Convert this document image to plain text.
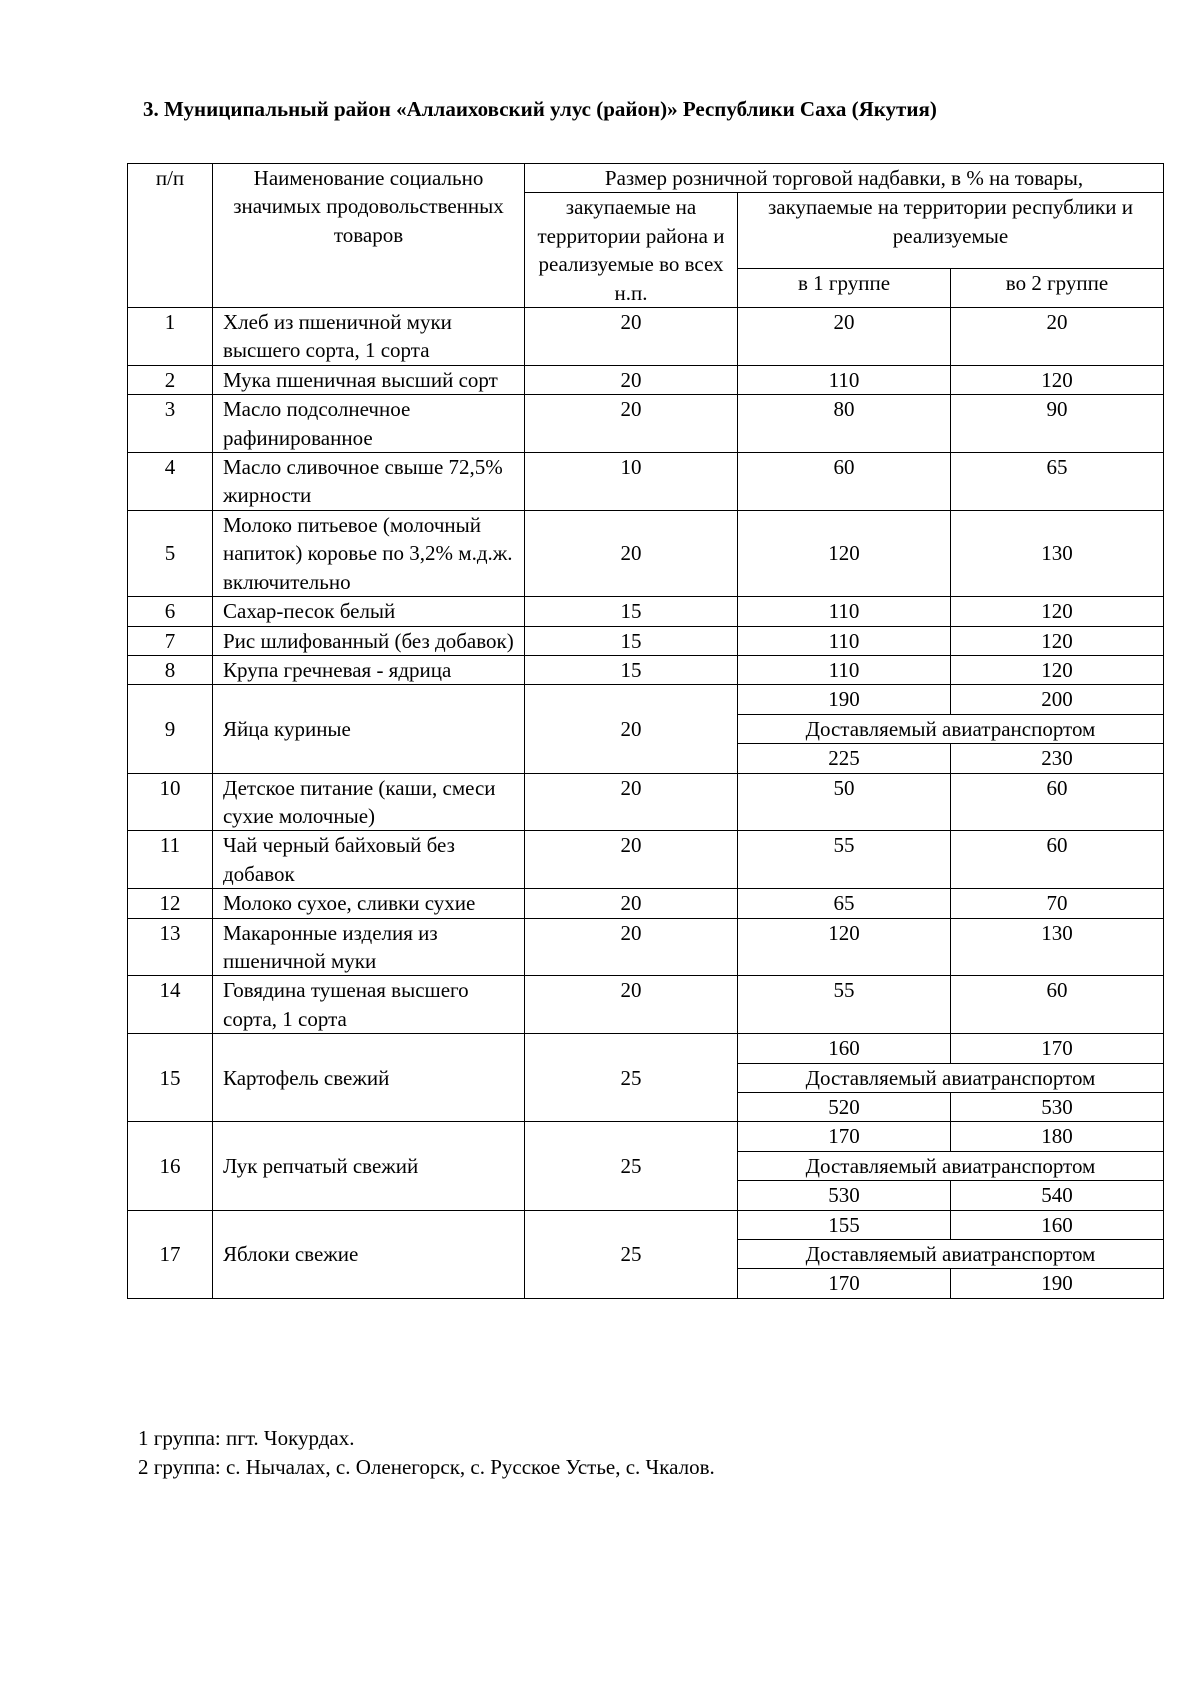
3. Муниципальный район «Аллаиховский улус (район)» Республики Саха (Якутия)
п/п	Наименование социально значимых продовольственных товаров	Размер розничной торговой надбавки, в % на товары,		
		закупаемые на территории района и реализуемые во всех н.п.	закупаемые на территории республики и реализуемые	
			в 1 группе	во 2 группе
1	Хлеб из пшеничной муки высшего сорта, 1 сорта	20	20	20
2	Мука пшеничная высший сорт	20	110	120
3	Масло подсолнечное рафинированное	20	80	90
4	Масло сливочное свыше 72,5% жирности	10	60	65
5	Молоко питьевое (молочный напиток) коровье по 3,2% м.д.ж. включительно	20	120	130
6	Сахар-песок белый	15	110	120
7	Рис шлифованный (без добавок)	15	110	120
8	Крупа гречневая - ядрица	15	110	120
9	Яйца куриные	20	190	200
			Доставляемый авиатранспортом	
			225	230
10	Детское питание (каши, смеси сухие молочные)	20	50	60
11	Чай черный байховый без добавок	20	55	60
12	Молоко сухое, сливки сухие	20	65	70
13	Макаронные изделия из пшеничной муки	20	120	130
14	Говядина тушеная высшего сорта, 1 сорта	20	55	60
15	Картофель свежий	25	160	170
			Доставляемый авиатранспортом	
			520	530
16	Лук репчатый свежий	25	170	180
			Доставляемый авиатранспортом	
			530	540
17	Яблоки свежие	25	155	160
			Доставляемый авиатранспортом	
			170	190
1 группа: пгт. Чокурдах.
2 группа: с. Нычалах, с. Оленегорск, с. Русское Устье, с. Чкалов.
